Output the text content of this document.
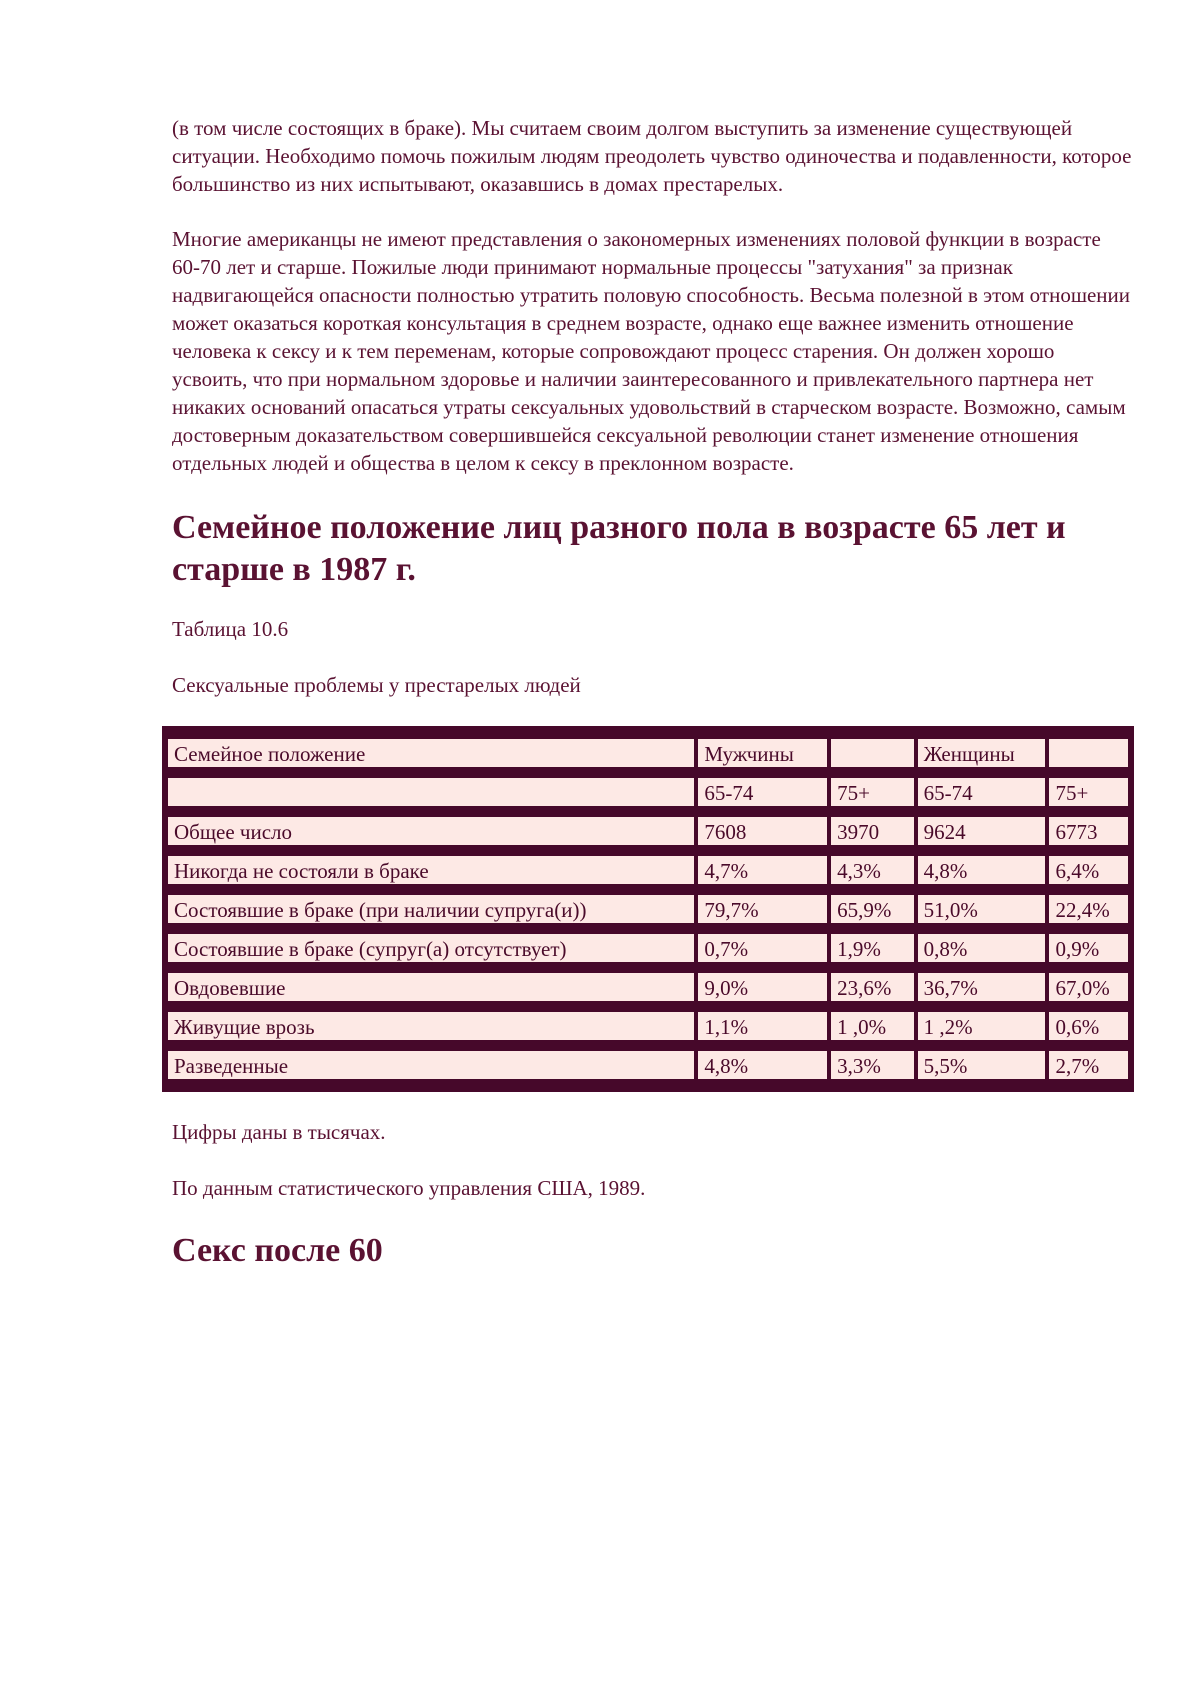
(в том числе состоящих в браке). Мы считаем своим долгом выступить за изменение существующей ситуации. Необходимо помочь пожилым людям преодолеть чувство одиночества и подавленности, которое большинство из них испытывают, оказавшись в домах престарелых.

Многие американцы не имеют представления о закономерных изменениях половой функции в возрасте 60-70 лет и старше. Пожилые люди принимают нормальные процессы "затухания" за признак надвигающейся опасности полностью утратить половую способность. Весьма полезной в этом отношении может оказаться короткая консультация в среднем возрасте, однако еще важнее изменить отношение человека к сексу и к тем переменам, которые сопровождают процесс старения. Он должен хорошо усвоить, что при нормальном здоровье и наличии заинтересованного и привлекательного партнера нет никаких оснований опасаться утраты сексуальных удовольствий в старческом возрасте. Возможно, самым достоверным доказательством совершившейся сексуальной революции станет изменение отношения отдельных людей и общества в целом к сексу в преклонном возрасте.

Семейное положение лиц разного пола в возрасте 65 лет и старше в 1987 г.

Таблица 10.6

Сексуальные проблемы у престарелых людей

Семейное положение	Мужчины		Женщины	
	65-74	75+	65-74	75+
Общее число	7608	3970	9624	6773
Никогда не состояли в браке	4,7%	4,3%	4,8%	6,4%
Состоявшие в браке (при наличии супруга(и))	79,7%	65,9%	51,0%	22,4%
Состоявшие в браке (супруг(а) отсутствует)	0,7%	1,9%	0,8%	0,9%
Овдовевшие	9,0%	23,6%	36,7%	67,0%
Живущие врозь	1,1%	1 ,0%	1 ,2%	0,6%
Разведенные	4,8%	3,3%	5,5%	2,7%

Цифры даны в тысячах.

По данным статистического управления США, 1989.

Секс после 60
